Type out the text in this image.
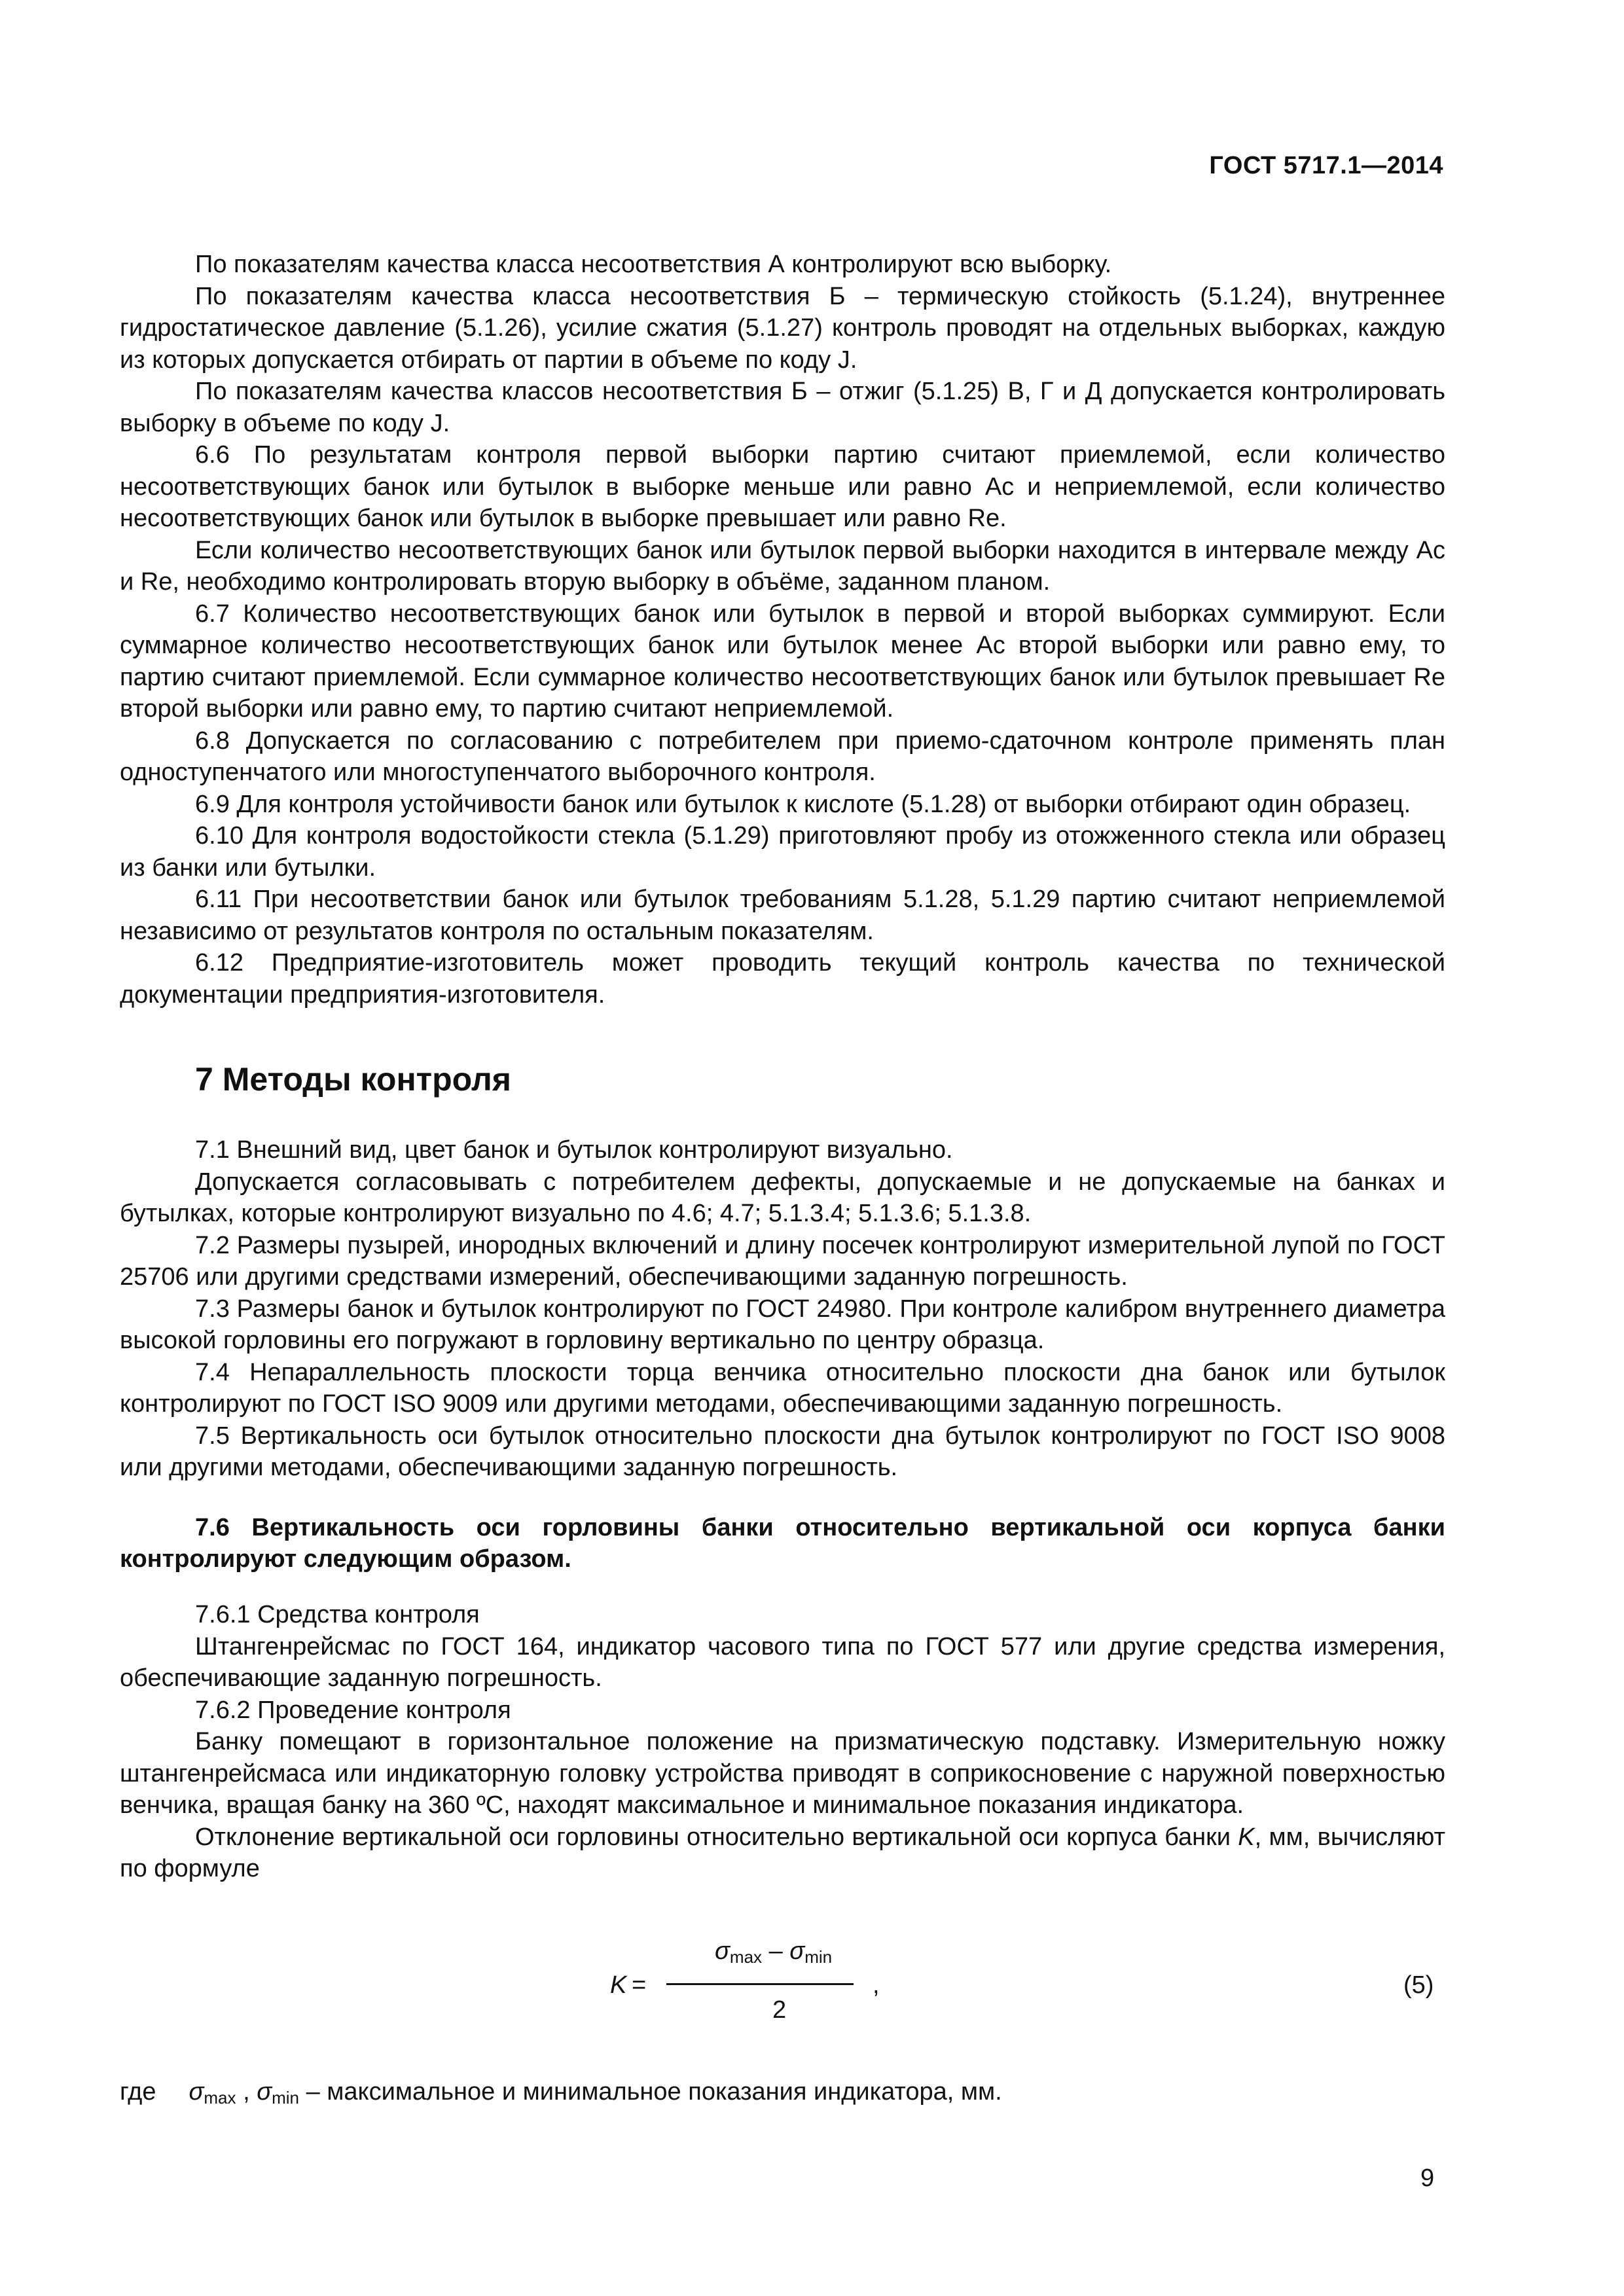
ГОСТ 5717.1—2014

По показателям качества класса несоответствия А контролируют всю выборку.

По показателям качества класса несоответствия Б – термическую стойкость (5.1.24), внутреннее гидростатическое давление (5.1.26), усилие сжатия (5.1.27) контроль проводят на отдельных выборках, каждую из которых допускается отбирать от партии в объеме по коду J.

По показателям качества классов несоответствия Б – отжиг (5.1.25) В, Г и Д допускается контролировать выборку в объеме по коду J.

6.6 По результатам контроля первой выборки партию считают приемлемой, если количество несоответствующих банок или бутылок в выборке меньше или равно Ac и неприемлемой, если количество несоответствующих банок или бутылок в выборке превышает или равно Re.

Если количество несоответствующих банок или бутылок первой выборки находится в интервале между Ac и Re, необходимо контролировать вторую выборку в объёме, заданном планом.

6.7 Количество несоответствующих банок или бутылок в первой и второй выборках суммируют. Если суммарное количество несоответствующих банок или бутылок менее Ac второй выборки или равно ему, то партию считают приемлемой. Если суммарное количество несоответствующих банок или бутылок превышает Re второй выборки или равно ему, то партию считают неприемлемой.

6.8 Допускается по согласованию с потребителем при приемо-сдаточном контроле применять план одноступенчатого или многоступенчатого выборочного контроля.

6.9 Для контроля устойчивости банок или бутылок к кислоте (5.1.28) от выборки отбирают один образец.

6.10 Для контроля водостойкости стекла (5.1.29) приготовляют пробу из отожженного стекла или образец из банки или бутылки.

6.11 При несоответствии банок или бутылок требованиям 5.1.28, 5.1.29 партию считают неприемлемой независимо от результатов контроля по остальным показателям.

6.12 Предприятие-изготовитель может проводить текущий контроль качества по технической документации предприятия-изготовителя.

7 Методы контроля

7.1 Внешний вид, цвет банок и бутылок контролируют визуально.

Допускается согласовывать с потребителем дефекты, допускаемые и не допускаемые на банках и бутылках, которые контролируют визуально по 4.6; 4.7; 5.1.3.4; 5.1.3.6; 5.1.3.8.

7.2 Размеры пузырей, инородных включений и длину посечек контролируют измерительной лупой по ГОСТ 25706 или другими средствами измерений, обеспечивающими заданную погрешность.

7.3 Размеры банок и бутылок контролируют по ГОСТ 24980. При контроле калибром внутреннего диаметра высокой горловины его погружают в горловину вертикально по центру образца.

7.4 Непараллельность плоскости торца венчика относительно плоскости дна банок или бутылок контролируют по ГОСТ ISO 9009 или другими методами, обеспечивающими заданную погрешность.

7.5 Вертикальность оси бутылок относительно плоскости дна бутылок контролируют по ГОСТ ISO 9008 или другими методами, обеспечивающими заданную погрешность.

7.6 Вертикальность оси горловины банки относительно вертикальной оси корпуса банки контролируют следующим образом.

7.6.1 Средства контроля

Штангенрейсмас по ГОСТ 164, индикатор часового типа по ГОСТ 577 или другие средства измерения, обеспечивающие заданную погрешность.

7.6.2 Проведение контроля

Банку помещают в горизонтальное положение на призматическую подставку. Измерительную ножку штангенрейсмаса или индикаторную головку устройства приводят в соприкосновение с наружной поверхностью венчика, вращая банку на 360 ºС, находят максимальное и минимальное показания индикатора.

Отклонение вертикальной оси горловины относительно вертикальной оси корпуса банки K, мм, вычисляют по формуле

K =
$\sigma_{max} - \sigma_{min}$
2
,	(5)
где $\sigma_{max}$ , $\sigma_{min}$ – максимальное и минимальное показания индикатора, мм.
9
